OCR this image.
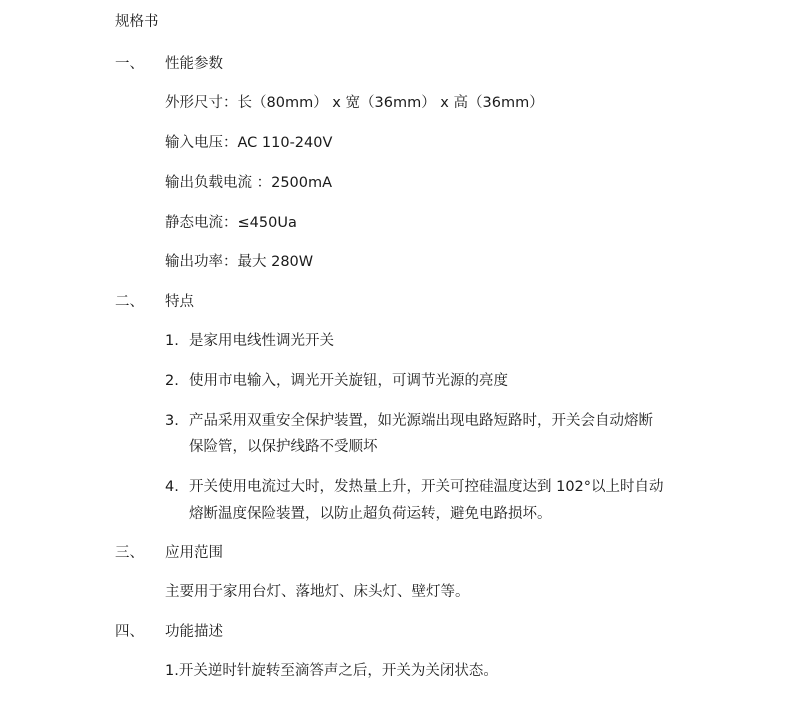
规格书
一、 性能参数
外形尺寸：长（80mm） x 宽（36mm） x 高（36mm）
输入电压：AC 110-240V
输出负载电流 ：2500mA
静态电流：≤450Ua
输出功率：最大 280W
二、 特点
1. 是家用电线性调光开关
2. 使用市电输入，调光开关旋钮，可调节光源的亮度
3. 产品采用双重安全保护装置，如光源端出现电路短路时，开关会自动熔断
保险管，以保护线路不受顺坏
4. 开关使用电流过大时，发热量上升，开关可控硅温度达到 102°以上时自动
熔断温度保险装置，以防止超负荷运转，避免电路损坏。
三、 应用范围
主要用于家用台灯、落地灯、床头灯、壁灯等。
四、 功能描述
1.开关逆时针旋转至滴答声之后，开关为关闭状态。
